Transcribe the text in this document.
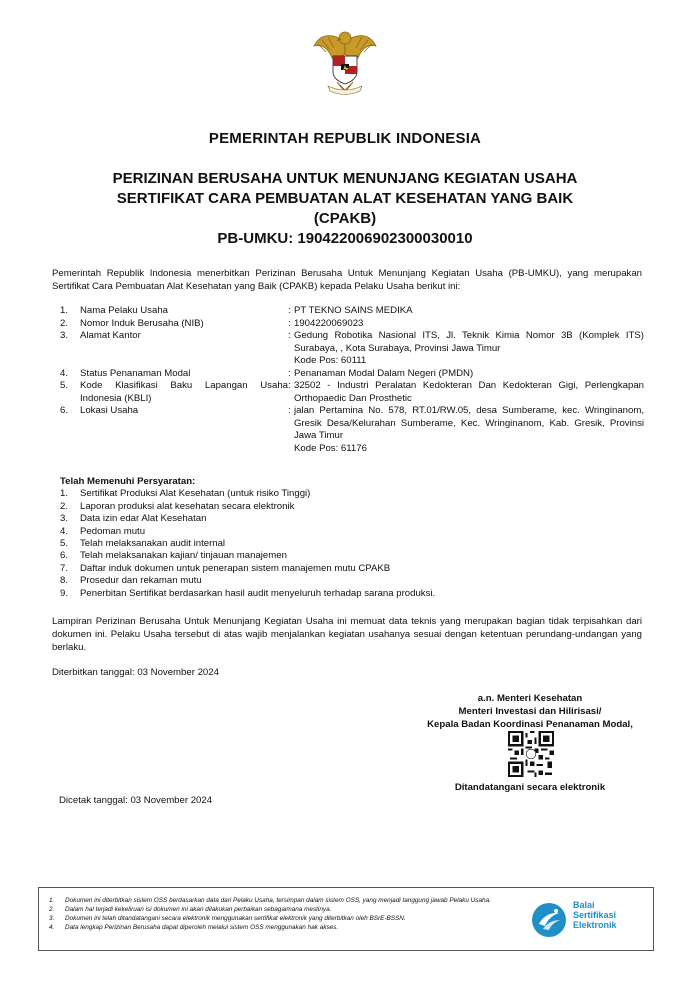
PEMERINTAH REPUBLIK INDONESIA
PERIZINAN BERUSAHA UNTUK MENUNJANG KEGIATAN USAHA
SERTIFIKAT CARA PEMBUATAN ALAT KESEHATAN YANG BAIK
(CPAKB)
PB-UMKU: 190422006902300030010
Pemerintah Republik Indonesia menerbitkan Perizinan Berusaha Untuk Menunjang Kegiatan Usaha (PB-UMKU), yang merupakan Sertifikat Cara Pembuatan Alat Kesehatan yang Baik (CPAKB) kepada Pelaku Usaha berikut ini:
1.	Nama Pelaku Usaha	: PT TEKNO SAINS MEDIKA
2.	Nomor Induk Berusaha (NIB)	: 1904220069023
3.	Alamat Kantor	: Gedung Robotika Nasional ITS, Jl. Teknik Kimia Nomor 3B (Komplek ITS) Surabaya, , Kota Surabaya, Provinsi Jawa Timur
Kode Pos: 60111
4.	Status Penanaman Modal	: Penanaman Modal Dalam Negeri (PMDN)
5.	Kode Klasifikasi Baku Lapangan Usaha Indonesia (KBLI)
: 32502 - Industri Peralatan Kedokteran Dan Kedokteran Gigi, Perlengkapan Orthopaedic Dan Prosthetic
6.	Lokasi Usaha	: jalan Pertamina No. 578, RT.01/RW.05, desa Sumberame, kec. Wringinanom, Gresik Desa/Kelurahan Sumberame, Kec. Wringinanom, Kab. Gresik, Provinsi Jawa Timur
Kode Pos: 61176
Telah Memenuhi Persyaratan:
1.	Sertifikat Produksi Alat Kesehatan (untuk risiko Tinggi)
2.	Laporan produksi alat kesehatan secara elektronik
3.	Data izin edar Alat Kesehatan
4.	Pedoman mutu
5.	Telah melaksanakan audit internal
6.	Telah melaksanakan kajian/ tinjauan manajemen
7.	Daftar induk dokumen untuk penerapan sistem manajemen mutu CPAKB
8.	Prosedur dan rekaman mutu
9.	Penerbitan Sertifikat berdasarkan hasil audit menyeluruh terhadap sarana produksi.
Lampiran Perizinan Berusaha Untuk Menunjang Kegiatan Usaha ini memuat data teknis yang merupakan bagian tidak terpisahkan dari dokumen ini. Pelaku Usaha tersebut di atas wajib menjalankan kegiatan usahanya sesuai dengan ketentuan perundang-undangan yang berlaku.
Diterbitkan tanggal: 03 November 2024
a.n. Menteri Kesehatan
Menteri Investasi dan Hilirisasi/
Kepala Badan Koordinasi Penanaman Modal,
Ditandatangani secara elektronik
Dicetak tanggal: 03 November 2024
1.	Dokumen ini diterbitkan sistem OSS berdasarkan data dari Pelaku Usaha, tersimpan dalam sistem OSS, yang menjadi tanggung jawab Pelaku Usaha.
2.	Dalam hal terjadi kekeliruan isi dokumen ini akan dilakukan perbaikan sebagaimana mestinya.
3.	Dokumen ini telah ditandatangani secara elektronik menggunakan sertifikat elektronik yang diterbitkan oleh BSrE-BSSN.
4.	Data lengkap Perizinan Berusaha dapat diperoleh melalui sistem OSS menggunakan hak akses.
Balai
Sertifikasi
Elektronik
